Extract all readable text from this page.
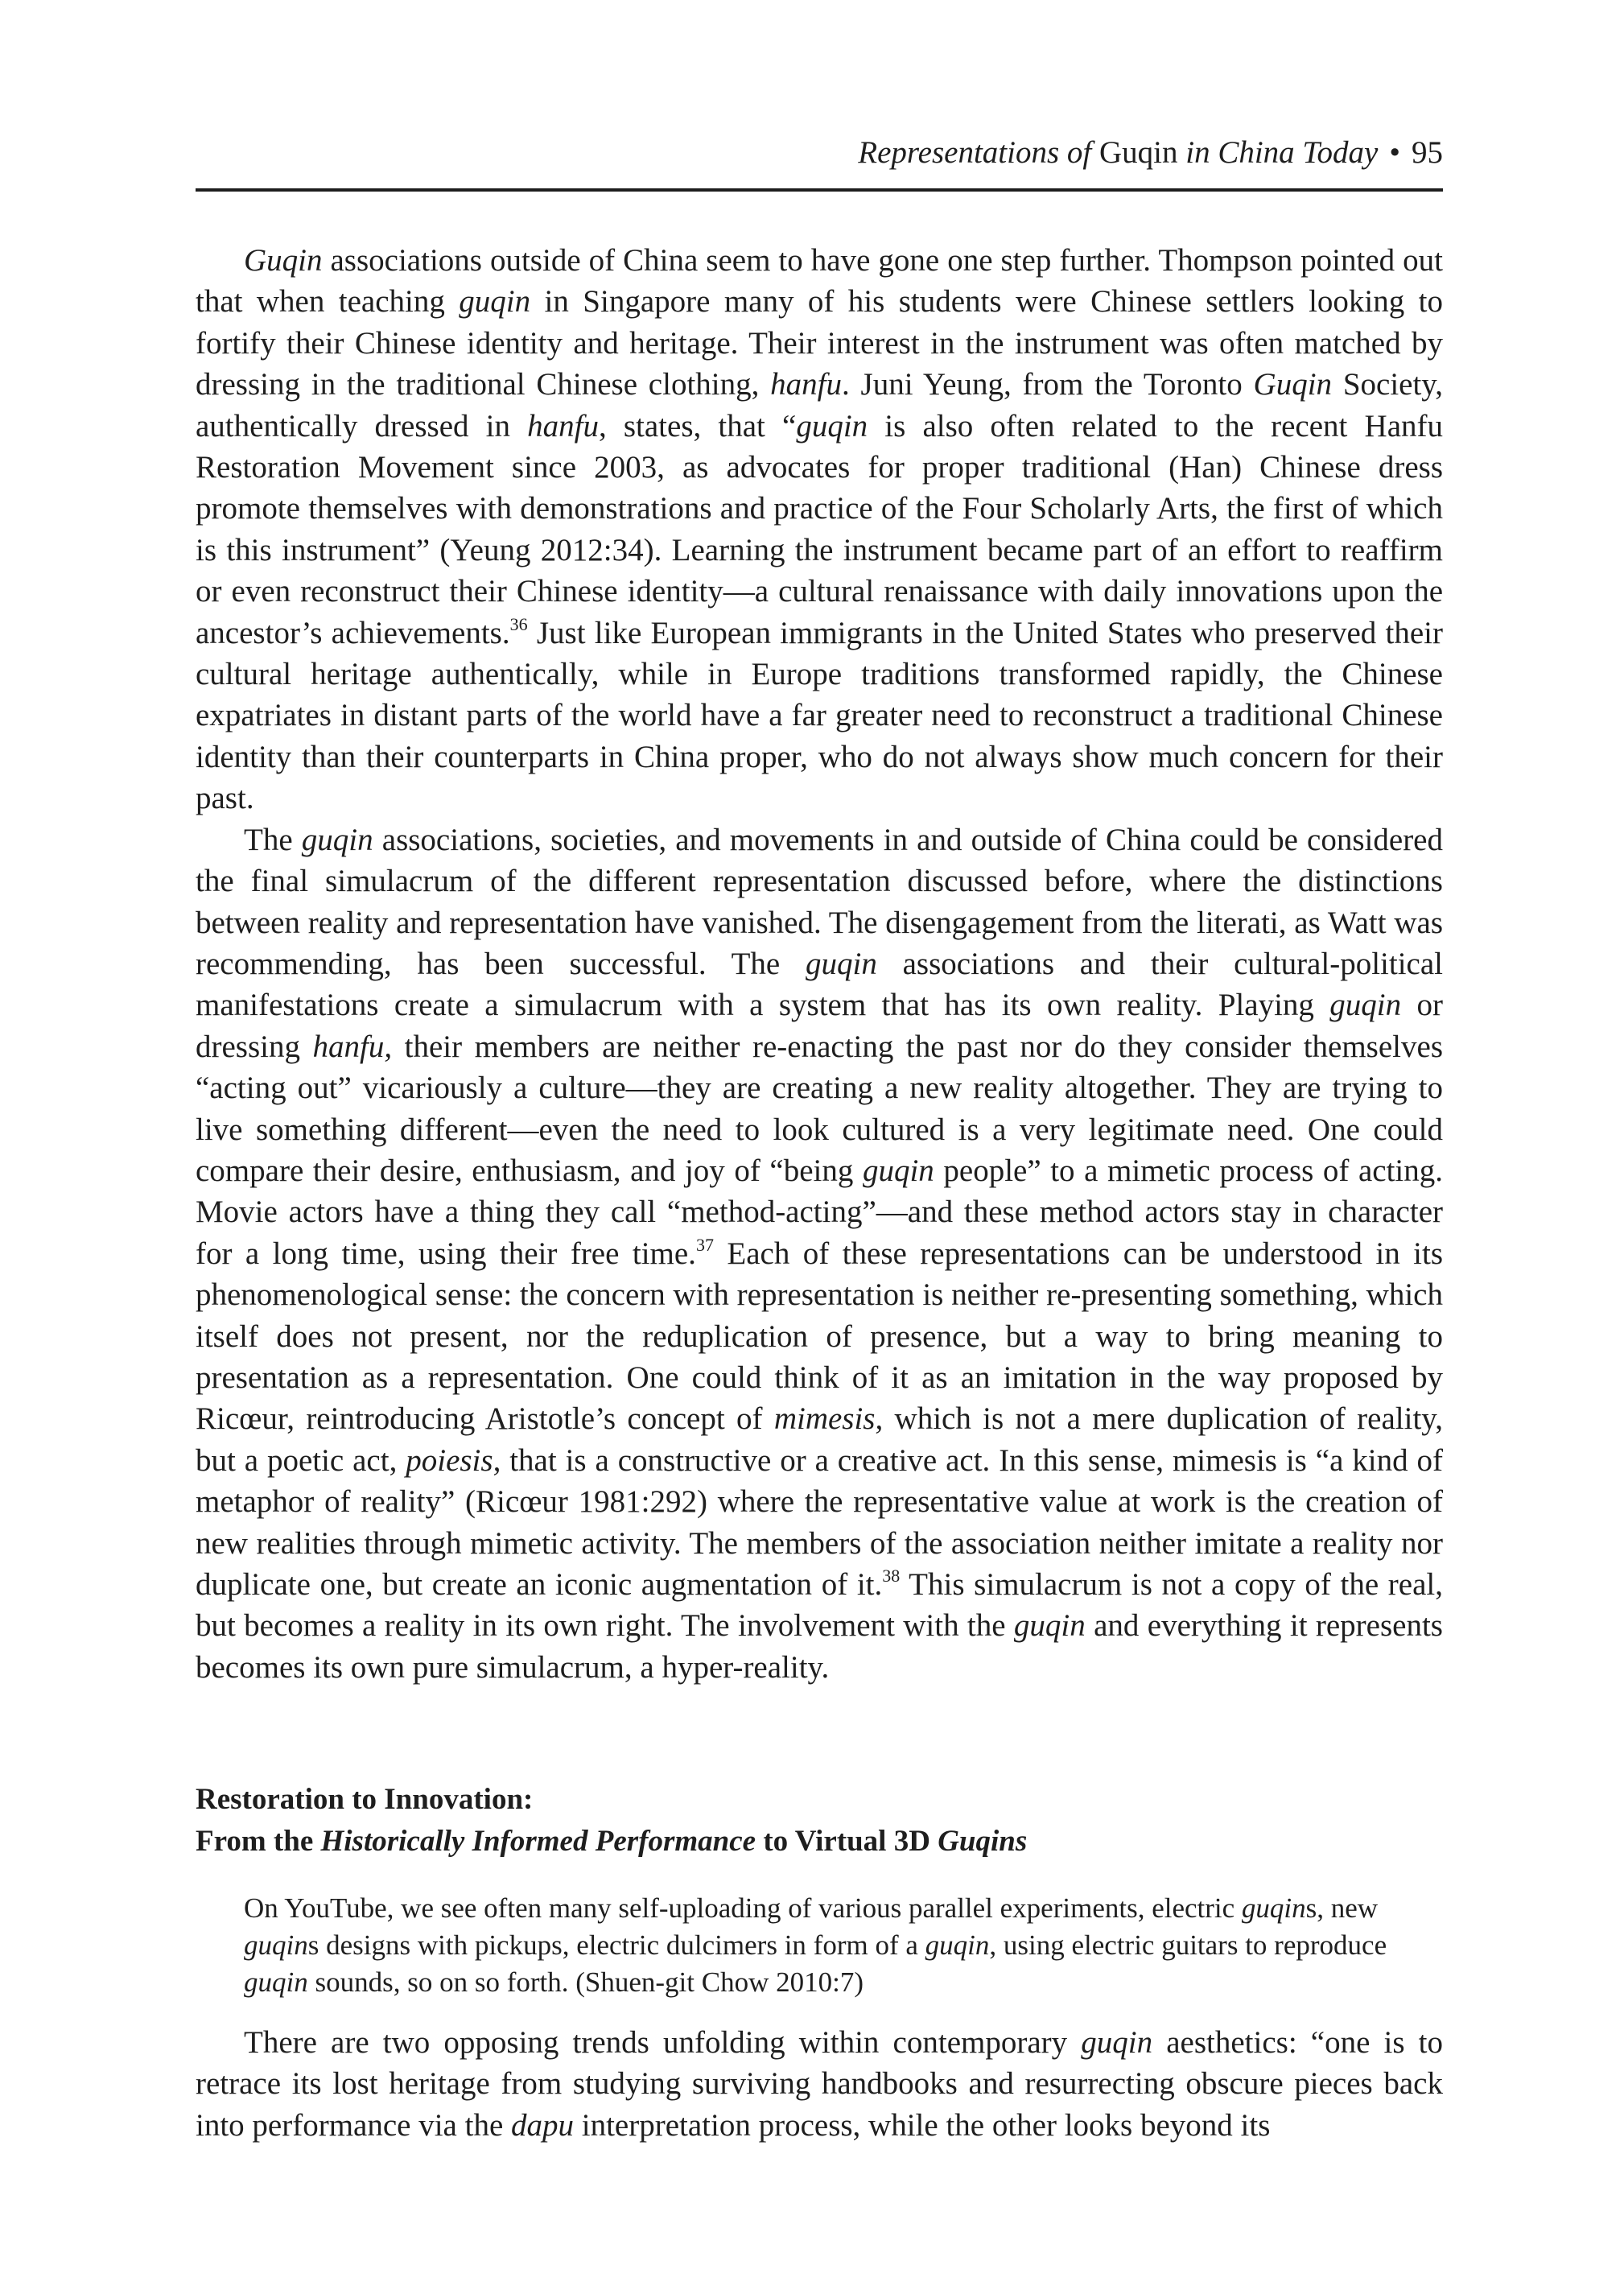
Representations of Guqin in China Today • 95

Guqin associations outside of China seem to have gone one step further. Thompson pointed out that when teaching guqin in Singapore many of his students were Chinese settlers looking to fortify their Chinese identity and heritage. Their interest in the instrument was often matched by dressing in the traditional Chinese clothing, hanfu. Juni Yeung, from the Toronto Guqin Society, authentically dressed in hanfu, states, that “guqin is also often related to the recent Hanfu Restoration Movement since 2003, as advocates for proper traditional (Han) Chinese dress promote themselves with demonstrations and practice of the Four Scholarly Arts, the first of which is this instrument” (Yeung 2012:34). Learning the instrument became part of an effort to reaffirm or even reconstruct their Chinese identity—a cultural renaissance with daily innovations upon the ancestor’s achievements.$^{36}$ Just like European immigrants in the United States who preserved their cultural heritage authentically, while in Europe traditions transformed rapidly, the Chinese expatriates in distant parts of the world have a far greater need to reconstruct a traditional Chinese identity than their counterparts in China proper, who do not always show much concern for their past.

The guqin associations, societies, and movements in and outside of China could be considered the final simulacrum of the different representation discussed before, where the distinctions between reality and representation have vanished. The disengagement from the literati, as Watt was recommending, has been successful. The guqin associations and their cultural-political manifestations create a simulacrum with a system that has its own reality. Playing guqin or dressing hanfu, their members are neither re-enacting the past nor do they consider themselves “acting out” vicariously a culture—they are creating a new reality altogether. They are trying to live something different—even the need to look cultured is a very legitimate need. One could compare their desire, enthusiasm, and joy of “being guqin people” to a mimetic process of acting. Movie actors have a thing they call “method-acting”—and these method actors stay in character for a long time, using their free time.$^{37}$ Each of these representations can be understood in its phenomenological sense: the concern with representation is neither re-presenting something, which itself does not present, nor the reduplication of presence, but a way to bring meaning to presentation as a representation. One could think of it as an imitation in the way proposed by Ricœur, reintroducing Aristotle’s concept of mimesis, which is not a mere duplication of reality, but a poetic act, poiesis, that is a constructive or a creative act. In this sense, mimesis is “a kind of metaphor of reality” (Ricœur 1981:292) where the representative value at work is the creation of new realities through mimetic activity. The members of the association neither imitate a reality nor duplicate one, but create an iconic augmentation of it.$^{38}$ This simulacrum is not a copy of the real, but becomes a reality in its own right. The involvement with the guqin and everything it represents becomes its own pure simulacrum, a hyper-reality.

Restoration to Innovation:
From the Historically Informed Performance to Virtual 3D Guqins
On YouTube, we see often many self-uploading of various parallel experiments, electric guqins, new guqins designs with pickups, electric dulcimers in form of a guqin, using electric guitars to reproduce guqin sounds, so on so forth. (Shuen-git Chow 2010:7)

There are two opposing trends unfolding within contemporary guqin aesthetics: “one is to retrace its lost heritage from studying surviving handbooks and resurrecting obscure pieces back into performance via the dapu interpretation process, while the other looks beyond its
